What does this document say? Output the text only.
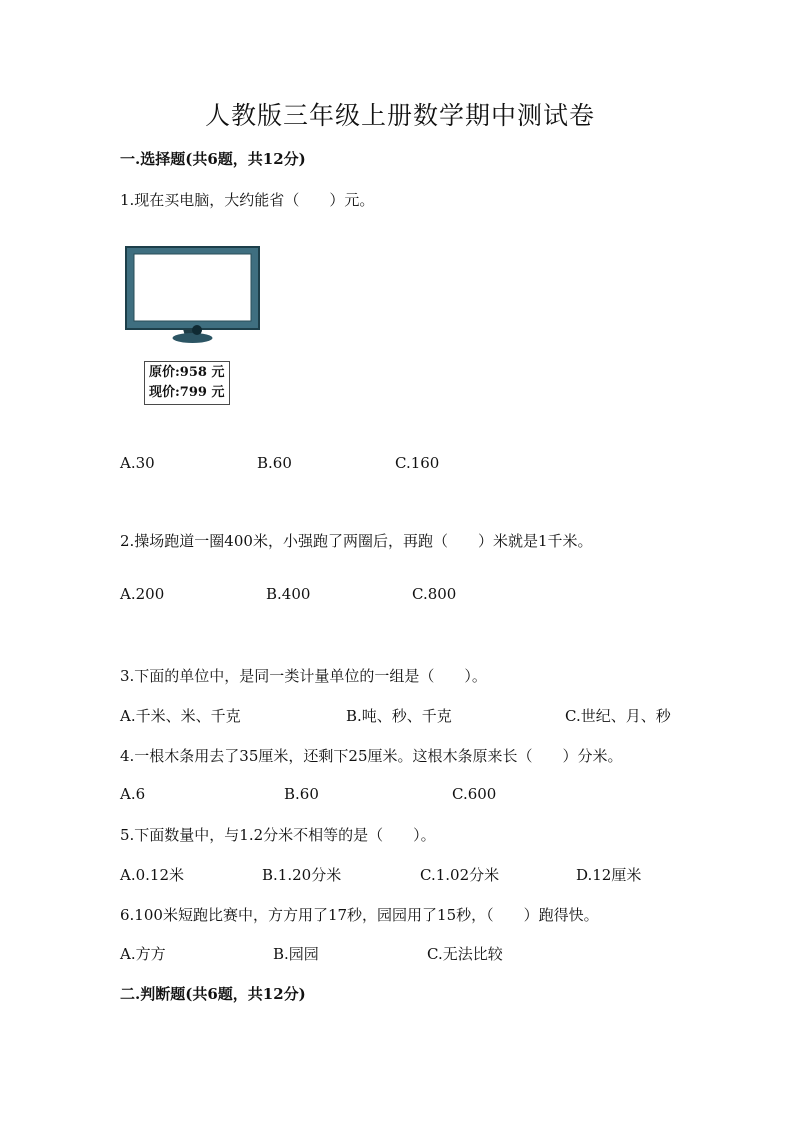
人教版三年级上册数学期中测试卷
一.选择题(共6题，共12分)
1.现在买电脑，大约能省（　　）元。
原价:958 元
现价:799 元
A.30	B.60	C.160
2.操场跑道一圈400米，小强跑了两圈后，再跑（　　）米就是1千米。
A.200	B.400	C.800
3.下面的单位中，是同一类计量单位的一组是（　　）。
A.千米、米、千克	B.吨、秒、千克	C.世纪、月、秒
4.一根木条用去了35厘米，还剩下25厘米。这根木条原来长（　　）分米。
A.6	B.60	C.600
5.下面数量中，与1.2分米不相等的是（　　）。
A.0.12米	B.1.20分米	C.1.02分米	D.12厘米
6.100米短跑比赛中，方方用了17秒，园园用了15秒，（　　）跑得快。
A.方方	B.园园	C.无法比较
二.判断题(共6题，共12分)
